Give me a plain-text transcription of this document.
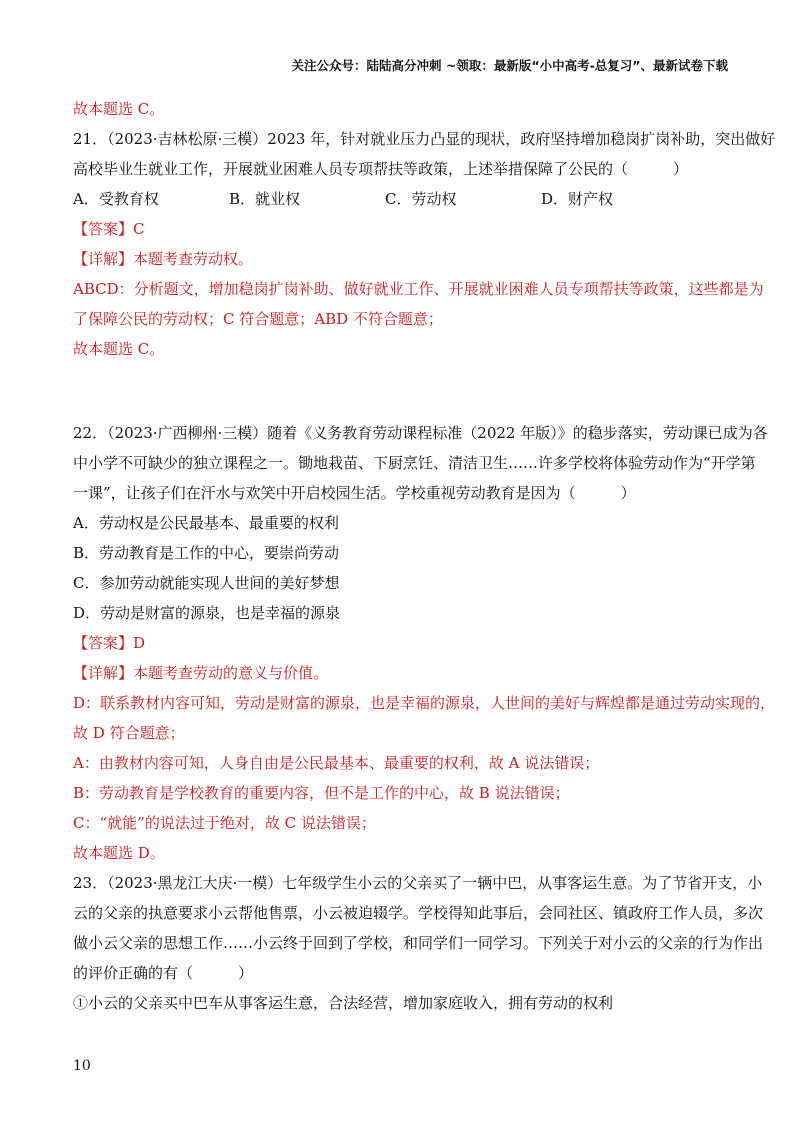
关注公众号：陆陆高分冲刺 ~领取：最新版“小中高考-总复习”、最新试卷下载
故本题选 C。
21．（2023·吉林松原·三模）2023 年，针对就业压力凸显的现状，政府坚持增加稳岗扩岗补助，突出做好
高校毕业生就业工作，开展就业困难人员专项帮扶等政策，上述举措保障了公民的（　　　）
A．受教育权	B．就业权	C．劳动权	D．财产权
【答案】C
【详解】本题考查劳动权。
ABCD：分析题文，增加稳岗扩岗补助、做好就业工作、开展就业困难人员专项帮扶等政策，这些都是为
了保障公民的劳动权；C 符合题意；ABD 不符合题意；
故本题选 C。
22．（2023·广西柳州·三模）随着《义务教育劳动课程标准（2022 年版）》的稳步落实，劳动课已成为各
中小学不可缺少的独立课程之一。锄地栽苗、下厨烹饪、清洁卫生……许多学校将体验劳动作为“开学第
一课”，让孩子们在汗水与欢笑中开启校园生活。学校重视劳动教育是因为（　　　）
A．劳动权是公民最基本、最重要的权利
B．劳动教育是工作的中心，要崇尚劳动
C．参加劳动就能实现人世间的美好梦想
D．劳动是财富的源泉，也是幸福的源泉
【答案】D
【详解】本题考查劳动的意义与价值。
D：联系教材内容可知，劳动是财富的源泉，也是幸福的源泉，人世间的美好与辉煌都是通过劳动实现的，
故 D 符合题意；
A：由教材内容可知，人身自由是公民最基本、最重要的权利，故 A 说法错误；
B：劳动教育是学校教育的重要内容，但不是工作的中心，故 B 说法错误；
C：“就能”的说法过于绝对，故 C 说法错误；
故本题选 D。
23．（2023·黑龙江大庆·一模）七年级学生小云的父亲买了一辆中巴，从事客运生意。为了节省开支，小
云的父亲的执意要求小云帮他售票，小云被迫辍学。学校得知此事后，会同社区、镇政府工作人员，多次
做小云父亲的思想工作……小云终于回到了学校，和同学们一同学习。下列关于对小云的父亲的行为作出
的评价正确的有（　　　）
①小云的父亲买中巴车从事客运生意，合法经营，增加家庭收入，拥有劳动的权利
10
